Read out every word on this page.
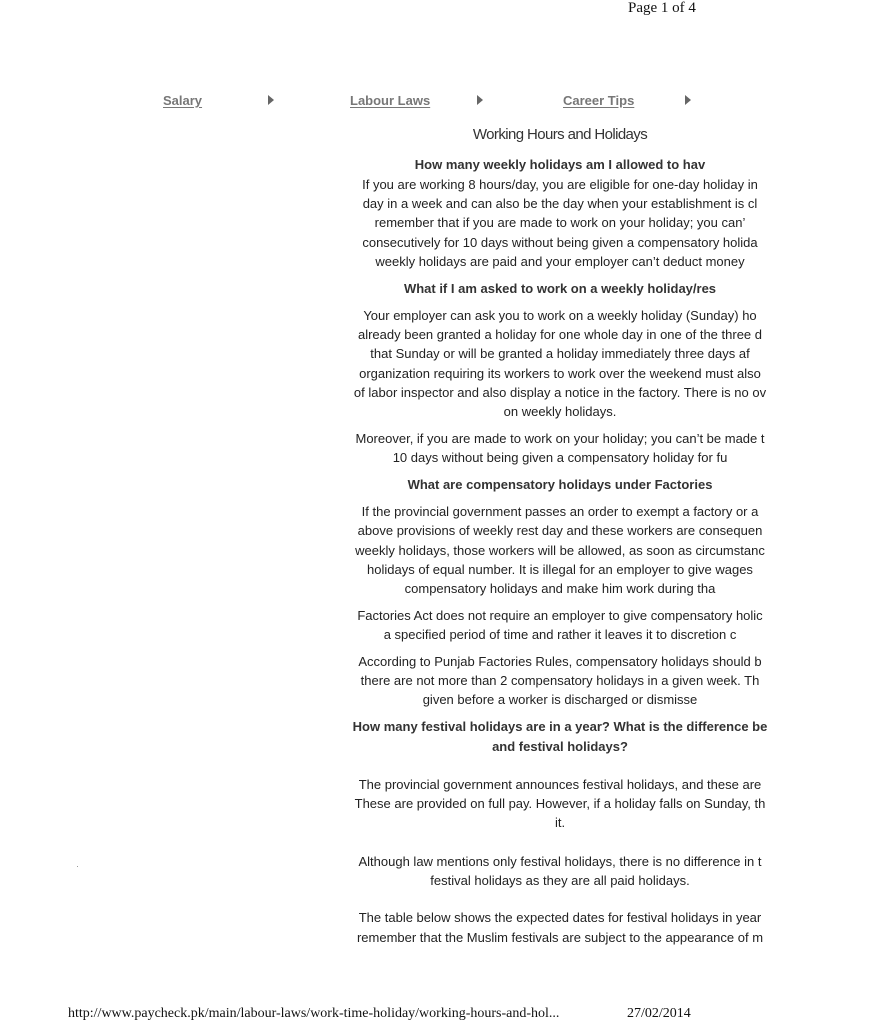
Page 1 of 4
Salary	Labour Laws	Career Tips
Working Hours and Holidays
How many weekly holidays am I allowed to hav
If you are working 8 hours/day, you are eligible for one-day holiday in
day in a week and can also be the day when your establishment is cl
remember that if you are made to work on your holiday; you can’
consecutively for 10 days without being given a compensatory holida
weekly holidays are paid and your employer can’t deduct money
What if I am asked to work on a weekly holiday/res
Your employer can ask you to work on a weekly holiday (Sunday) ho
already been granted a holiday for one whole day in one of the three d
that Sunday or will be granted a holiday immediately three days af
organization requiring its workers to work over the weekend must also
of labor inspector and also display a notice in the factory. There is no ov
on weekly holidays.
Moreover, if you are made to work on your holiday; you can’t be made t
10 days without being given a compensatory holiday for fu
What are compensatory holidays under Factories
If the provincial government passes an order to exempt a factory or a
above provisions of weekly rest day and these workers are consequen
weekly holidays, those workers will be allowed, as soon as circumstanc
holidays of equal number. It is illegal for an employer to give wages
compensatory holidays and make him work during tha
Factories Act does not require an employer to give compensatory holic
a specified period of time and rather it leaves it to discretion c
According to Punjab Factories Rules, compensatory holidays should b
there are not more than 2 compensatory holidays in a given week. Th
given before a worker is discharged or dismisse
How many festival holidays are in a year? What is the difference be
and festival holidays?
The provincial government announces festival holidays, and these are
These are provided on full pay. However, if a holiday falls on Sunday, th
it.
Although law mentions only festival holidays, there is no difference in t
festival holidays as they are all paid holidays.
The table below shows the expected dates for festival holidays in year
remember that the Muslim festivals are subject to the appearance of m
http://www.paycheck.pk/main/labour-laws/work-time-holiday/working-hours-and-hol...	27/02/2014
